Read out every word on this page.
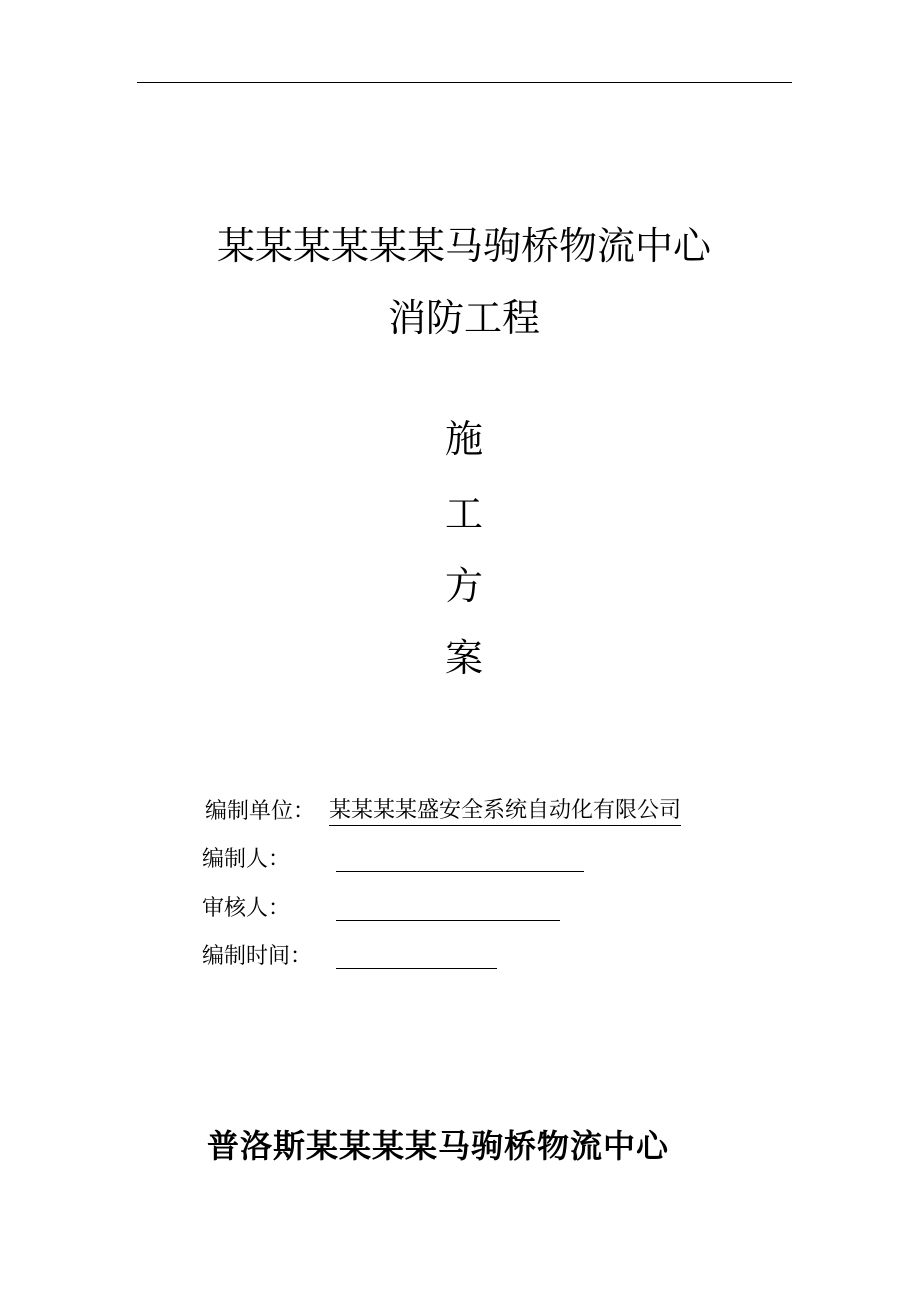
某某某某某某马驹桥物流中心
消防工程
施
工
方
案
编制单位： 某某某某盛安全系统自动化有限公司
编制人：
审核人：
编制时间：
普洛斯某某某某马驹桥物流中心
